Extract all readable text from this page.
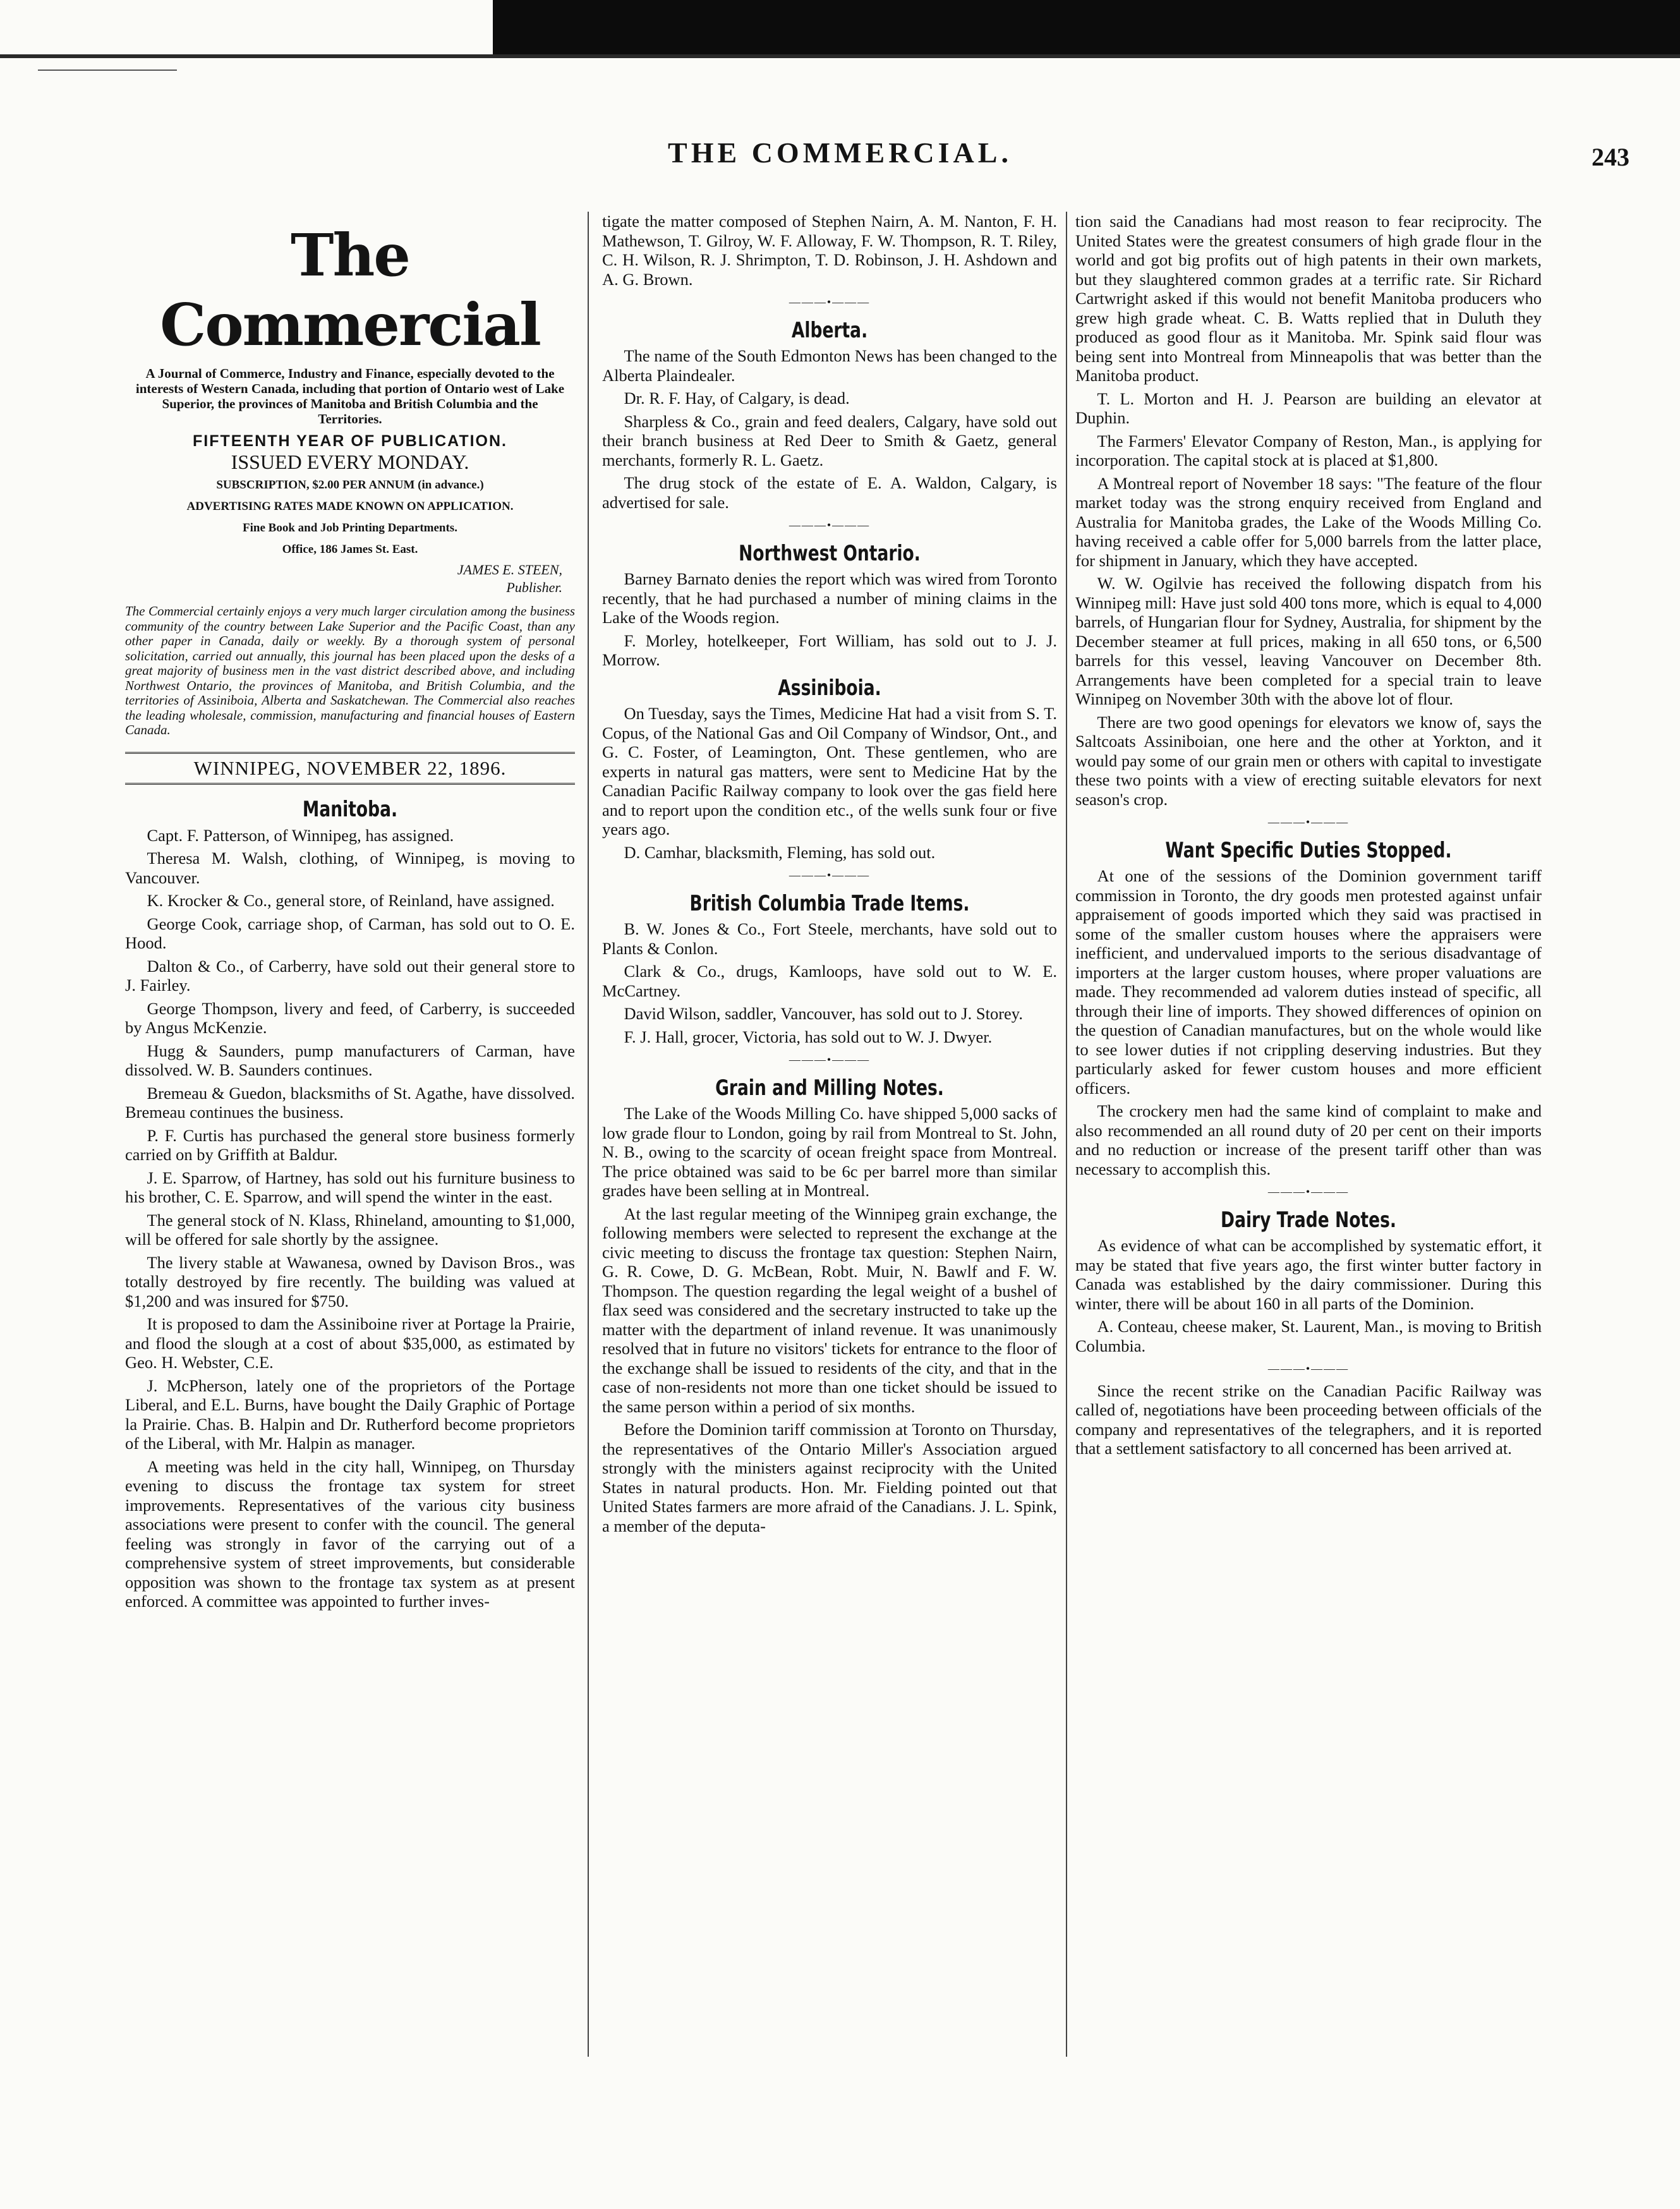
THE COMMERCIAL.	243
The Commercial
A Journal of Commerce, Industry and Finance, especially devoted to the interests of Western Canada, including that portion of Ontario west of Lake Superior, the provinces of Manitoba and British Columbia and the Territories.
FIFTEENTH YEAR OF PUBLICATION.
ISSUED EVERY MONDAY.
SUBSCRIPTION, $2.00 PER ANNUM (in advance.)
ADVERTISING RATES MADE KNOWN ON APPLICATION.
Fine Book and Job Printing Departments.
Office, 186 James St. East.
JAMES E. STEEN,
Publisher.
The Commercial certainly enjoys a very much larger circulation among the business community of the country between Lake Superior and the Pacific Coast, than any other paper in Canada, daily or weekly. By a thorough system of personal solicitation, carried out annually, this journal has been placed upon the desks of a great majority of business men in the vast district described above, and including Northwest Ontario, the provinces of Manitoba, and British Columbia, and the territories of Assiniboia, Alberta and Saskatchewan. The Commercial also reaches the leading wholesale, commission, manufacturing and financial houses of Eastern Canada.
WINNIPEG, NOVEMBER 22, 1896.
Manitoba.

Capt. F. Patterson, of Winnipeg, has assigned.

Theresa M. Walsh, clothing, of Winnipeg, is moving to Vancouver.

K. Krocker & Co., general store, of Reinland, have assigned.

George Cook, carriage shop, of Carman, has sold out to O. E. Hood.

Dalton & Co., of Carberry, have sold out their general store to J. Fairley.

George Thompson, livery and feed, of Carberry, is succeeded by Angus McKenzie.

Hugg & Saunders, pump manufacturers of Carman, have dissolved. W. B. Saunders continues.

Bremeau & Guedon, blacksmiths of St. Agathe, have dissolved. Bremeau continues the business.

P. F. Curtis has purchased the general store business formerly carried on by Griffith at Baldur.

J. E. Sparrow, of Hartney, has sold out his furniture business to his brother, C. E. Sparrow, and will spend the winter in the east.

The general stock of N. Klass, Rhineland, amounting to $1,000, will be offered for sale shortly by the assignee.

The livery stable at Wawanesa, owned by Davison Bros., was totally destroyed by fire recently. The building was valued at $1,200 and was insured for $750.

It is proposed to dam the Assiniboine river at Portage la Prairie, and flood the slough at a cost of about $35,000, as estimated by Geo. H. Webster, C.E.

J. McPherson, lately one of the proprietors of the Portage Liberal, and E.L. Burns, have bought the Daily Graphic of Portage la Prairie. Chas. B. Halpin and Dr. Rutherford become proprietors of the Liberal, with Mr. Halpin as manager.

A meeting was held in the city hall, Winnipeg, on Thursday evening to discuss the frontage tax system for street improvements. Representatives of the various city business associations were present to confer with the council. The general feeling was strongly in favor of the carrying out of a comprehensive system of street improvements, but considerable opposition was shown to the frontage tax system as at present enforced. A committee was appointed to further inves-

tigate the matter composed of Stephen Nairn, A. M. Nanton, F. H. Mathewson, T. Gilroy, W. F. Alloway, F. W. Thompson, R. T. Riley, C. H. Wilson, R. J. Shrimpton, T. D. Robinson, J. H. Ashdown and A. G. Brown.

———•———
Alberta.

The name of the South Edmonton News has been changed to the Alberta Plaindealer.

Dr. R. F. Hay, of Calgary, is dead.

Sharpless & Co., grain and feed dealers, Calgary, have sold out their branch business at Red Deer to Smith & Gaetz, general merchants, formerly R. L. Gaetz.

The drug stock of the estate of E. A. Waldon, Calgary, is advertised for sale.

———•———
Northwest Ontario.

Barney Barnato denies the report which was wired from Toronto recently, that he had purchased a number of mining claims in the Lake of the Woods region.

F. Morley, hotelkeeper, Fort William, has sold out to J. J. Morrow.

Assiniboia.

On Tuesday, says the Times, Medicine Hat had a visit from S. T. Copus, of the National Gas and Oil Company of Windsor, Ont., and G. C. Foster, of Leamington, Ont. These gentlemen, who are experts in natural gas matters, were sent to Medicine Hat by the Canadian Pacific Railway company to look over the gas field here and to report upon the condition etc., of the wells sunk four or five years ago.

D. Camhar, blacksmith, Fleming, has sold out.

———•———
British Columbia Trade Items.

B. W. Jones & Co., Fort Steele, merchants, have sold out to Plants & Conlon.

Clark & Co., drugs, Kamloops, have sold out to W. E. McCartney.

David Wilson, saddler, Vancouver, has sold out to J. Storey.

F. J. Hall, grocer, Victoria, has sold out to W. J. Dwyer.

———•———
Grain and Milling Notes.

The Lake of the Woods Milling Co. have shipped 5,000 sacks of low grade flour to London, going by rail from Montreal to St. John, N. B., owing to the scarcity of ocean freight space from Montreal. The price obtained was said to be 6c per barrel more than similar grades have been selling at in Montreal.

At the last regular meeting of the Winnipeg grain exchange, the following members were selected to represent the exchange at the civic meeting to discuss the frontage tax question: Stephen Nairn, G. R. Cowe, D. G. McBean, Robt. Muir, N. Bawlf and F. W. Thompson. The question regarding the legal weight of a bushel of flax seed was considered and the secretary instructed to take up the matter with the department of inland revenue. It was unanimously resolved that in future no visitors' tickets for entrance to the floor of the exchange shall be issued to residents of the city, and that in the case of non-residents not more than one ticket should be issued to the same person within a period of six months.

Before the Dominion tariff commission at Toronto on Thursday, the representatives of the Ontario Miller's Association argued strongly with the ministers against reciprocity with the United States in natural products. Hon. Mr. Fielding pointed out that United States farmers are more afraid of the Canadians. J. L. Spink, a member of the deputa-

tion said the Canadians had most reason to fear reciprocity. The United States were the greatest consumers of high grade flour in the world and got big profits out of high patents in their own markets, but they slaughtered common grades at a terrific rate. Sir Richard Cartwright asked if this would not benefit Manitoba producers who grew high grade wheat. C. B. Watts replied that in Duluth they produced as good flour as it Manitoba. Mr. Spink said flour was being sent into Montreal from Minneapolis that was better than the Manitoba product.

T. L. Morton and H. J. Pearson are building an elevator at Duphin.

The Farmers' Elevator Company of Reston, Man., is applying for incorporation. The capital stock at is placed at $1,800.

A Montreal report of November 18 says: "The feature of the flour market today was the strong enquiry received from England and Australia for Manitoba grades, the Lake of the Woods Milling Co. having received a cable offer for 5,000 barrels from the latter place, for shipment in January, which they have accepted.

W. W. Ogilvie has received the following dispatch from his Winnipeg mill: Have just sold 400 tons more, which is equal to 4,000 barrels, of Hungarian flour for Sydney, Australia, for shipment by the December steamer at full prices, making in all 650 tons, or 6,500 barrels for this vessel, leaving Vancouver on December 8th. Arrangements have been completed for a special train to leave Winnipeg on November 30th with the above lot of flour.

There are two good openings for elevators we know of, says the Saltcoats Assiniboian, one here and the other at Yorkton, and it would pay some of our grain men or others with capital to investigate these two points with a view of erecting suitable elevators for next season's crop.

———•———
Want Specific Duties Stopped.

At one of the sessions of the Dominion government tariff commission in Toronto, the dry goods men protested against unfair appraisement of goods imported which they said was practised in some of the smaller custom houses where the appraisers were inefficient, and undervalued imports to the serious disadvantage of importers at the larger custom houses, where proper valuations are made. They recommended ad valorem duties instead of specific, all through their line of imports. They showed differences of opinion on the question of Canadian manufactures, but on the whole would like to see lower duties if not crippling deserving industries. But they particularly asked for fewer custom houses and more efficient officers.

The crockery men had the same kind of complaint to make and also recommended an all round duty of 20 per cent on their imports and no reduction or increase of the present tariff other than was necessary to accomplish this.

———•———
Dairy Trade Notes.

As evidence of what can be accomplished by systematic effort, it may be stated that five years ago, the first winter butter factory in Canada was established by the dairy commissioner. During this winter, there will be about 160 in all parts of the Dominion.

A. Conteau, cheese maker, St. Laurent, Man., is moving to British Columbia.

———•———

Since the recent strike on the Canadian Pacific Railway was called of, negotiations have been proceeding between officials of the company and representatives of the telegraphers, and it is reported that a settlement satisfactory to all concerned has been arrived at.
